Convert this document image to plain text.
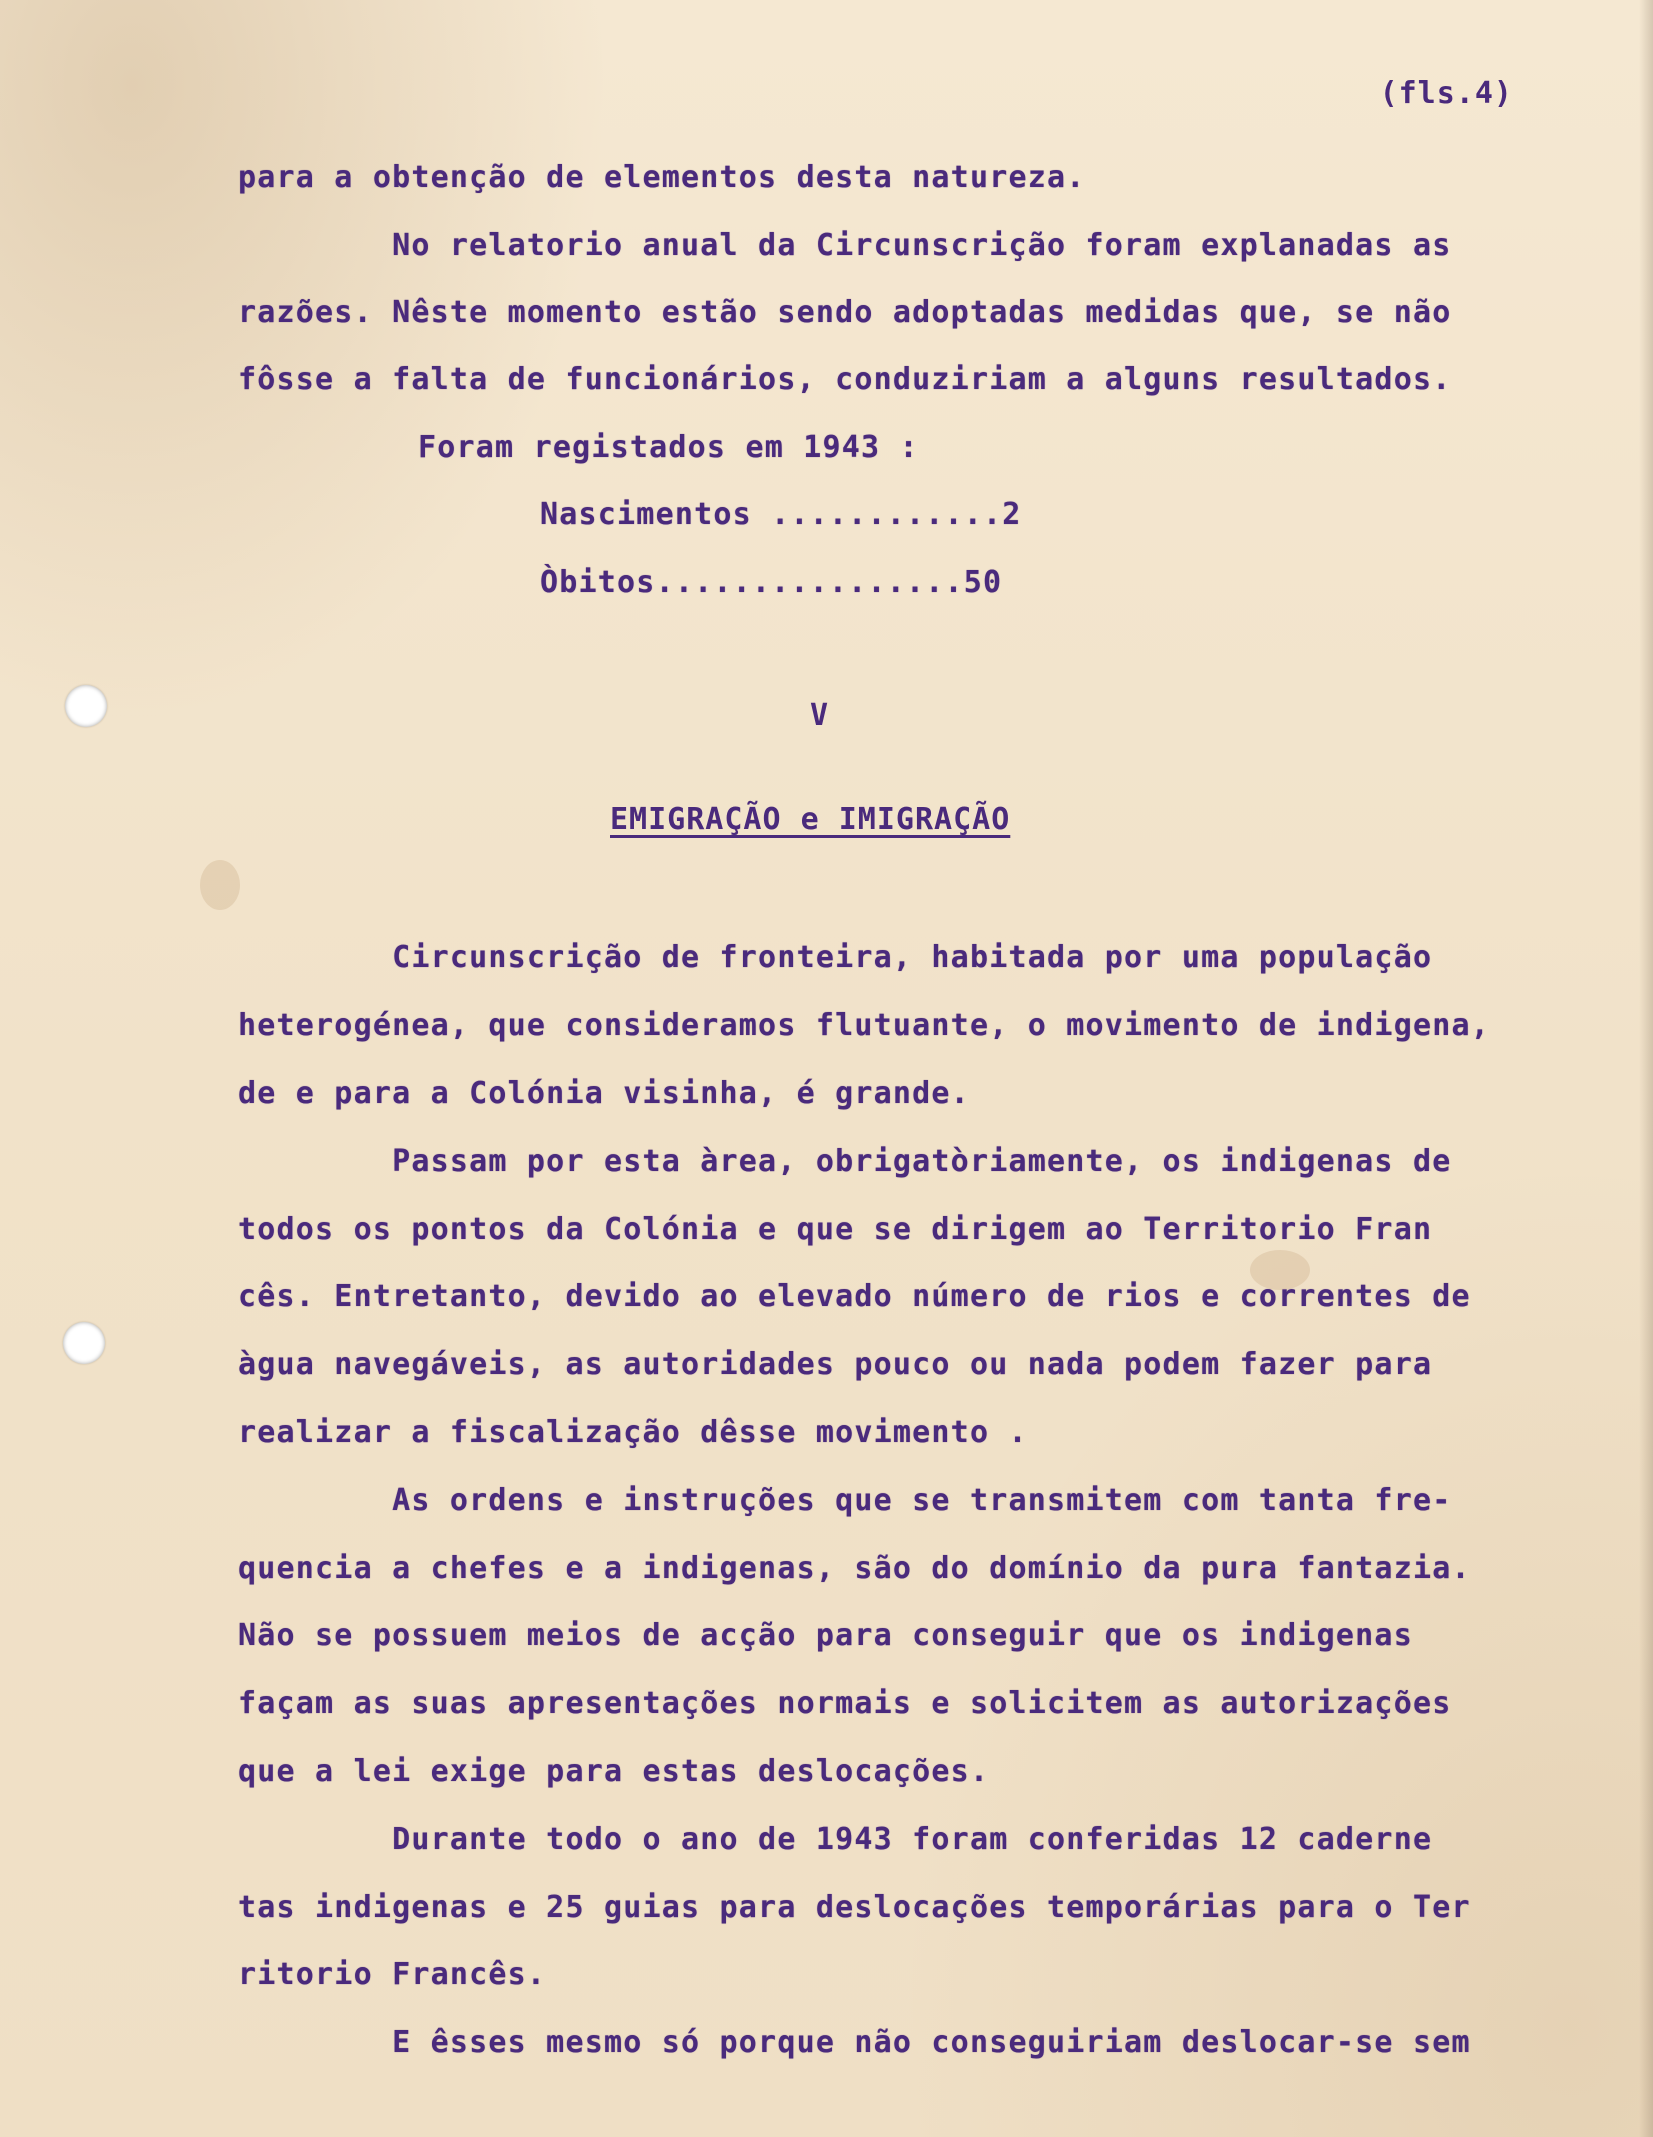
(fls.4)
para a obtenção de elementos desta natureza.
No relatorio anual da Circunscrição foram explanadas as
razões. Nêste momento estão sendo adoptadas medidas que, se não
fôsse a falta de funcionários, conduziriam a alguns resultados.
Foram registados em 1943 :
Nascimentos ............2
Òbitos................50
V
EMIGRAÇÃO e IMIGRAÇÃO
Circunscrição de fronteira, habitada por uma população
heterogénea, que consideramos flutuante, o movimento de indigena,
de e para a Colónia visinha, é grande.
Passam por esta àrea, obrigatòriamente, os indigenas de
todos os pontos da Colónia e que se dirigem ao Territorio Fran
cês. Entretanto, devido ao elevado número de rios e correntes de
àgua navegáveis, as autoridades pouco ou nada podem fazer para
realizar a fiscalização dêsse movimento .
As ordens e instruções que se transmitem com tanta fre-
quencia a chefes e a indigenas, são do domínio da pura fantazia.
Não se possuem meios de acção para conseguir que os indigenas
façam as suas apresentações normais e solicitem as autorizações
que a lei exige para estas deslocações.
Durante todo o ano de 1943 foram conferidas 12 caderne
tas indigenas e 25 guias para deslocações temporárias para o Ter
ritorio Francês.
E êsses mesmo só porque não conseguiriam deslocar-se sem
